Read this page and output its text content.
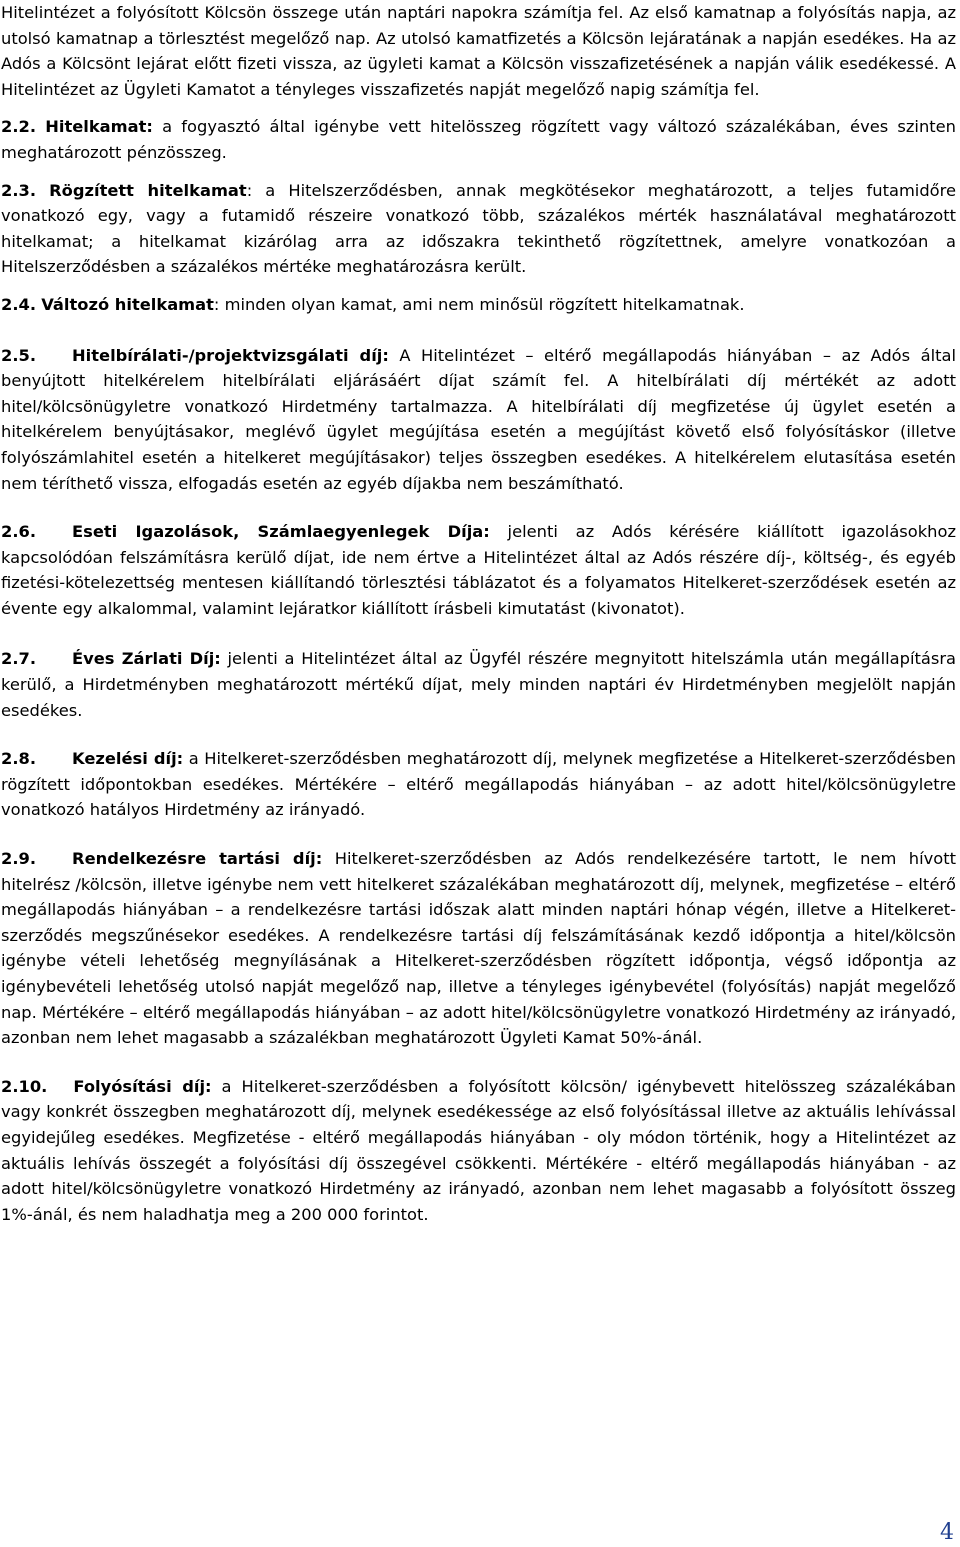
Hitelintézet a folyósított Kölcsön összege után naptári napokra számítja fel. Az első kamatnap a folyósítás napja, az utolsó kamatnap a törlesztést megelőző nap. Az utolsó kamatfizetés a Kölcsön lejáratának a napján esedékes. Ha az Adós a Kölcsönt lejárat előtt fizeti vissza, az ügyleti kamat a Kölcsön visszafizetésének a napján válik esedékessé. A Hitelintézet az Ügyleti Kamatot a tényleges visszafizetés napját megelőző napig számítja fel.

2.2. Hitelkamat: a fogyasztó által igénybe vett hitelösszeg rögzített vagy változó százalékában, éves szinten meghatározott pénzösszeg.

2.3. Rögzített hitelkamat: a Hitelszerződésben, annak megkötésekor meghatározott, a teljes futamidőre vonatkozó egy, vagy a futamidő részeire vonatkozó több, százalékos mérték használatával meghatározott hitelkamat; a hitelkamat kizárólag arra az időszakra tekinthető rögzítettnek, amelyre vonatkozóan a Hitelszerződésben a százalékos mértéke meghatározásra került.

2.4. Változó hitelkamat: minden olyan kamat, ami nem minősül rögzített hitelkamatnak.

2.5. Hitelbírálati-/projektvizsgálati díj: A Hitelintézet – eltérő megállapodás hiányában – az Adós által benyújtott hitelkérelem hitelbírálati eljárásáért díjat számít fel. A hitelbírálati díj mértékét az adott hitel/kölcsönügyletre vonatkozó Hirdetmény tartalmazza. A hitelbírálati díj megfizetése új ügylet esetén a hitelkérelem benyújtásakor, meglévő ügylet megújítása esetén a megújítást követő első folyósításkor (illetve folyószámlahitel esetén a hitelkeret megújításakor) teljes összegben esedékes. A hitelkérelem elutasítása esetén nem téríthető vissza, elfogadás esetén az egyéb díjakba nem beszámítható.

2.6. Eseti Igazolások, Számlaegyenlegek Díja: jelenti az Adós kérésére kiállított igazolásokhoz kapcsolódóan felszámításra kerülő díjat, ide nem értve a Hitelintézet által az Adós részére díj-, költség-, és egyéb fizetési-kötelezettség mentesen kiállítandó törlesztési táblázatot és a folyamatos Hitelkeret-szerződések esetén az évente egy alkalommal, valamint lejáratkor kiállított írásbeli kimutatást (kivonatot).

2.7. Éves Zárlati Díj: jelenti a Hitelintézet által az Ügyfél részére megnyitott hitelszámla után megállapításra kerülő, a Hirdetményben meghatározott mértékű díjat, mely minden naptári év Hirdetményben megjelölt napján esedékes.

2.8. Kezelési díj: a Hitelkeret-szerződésben meghatározott díj, melynek megfizetése a Hitelkeret-szerződésben rögzített időpontokban esedékes. Mértékére – eltérő megállapodás hiányában – az adott hitel/kölcsönügyletre vonatkozó hatályos Hirdetmény az irányadó.

2.9. Rendelkezésre tartási díj: Hitelkeret-szerződésben az Adós rendelkezésére tartott, le nem hívott hitelrész /kölcsön, illetve igénybe nem vett hitelkeret százalékában meghatározott díj, melynek, megfizetése – eltérő megállapodás hiányában – a rendelkezésre tartási időszak alatt minden naptári hónap végén, illetve a Hitelkeret-szerződés megszűnésekor esedékes. A rendelkezésre tartási díj felszámításának kezdő időpontja a hitel/kölcsön igénybe vételi lehetőség megnyílásának a Hitelkeret-szerződésben rögzített időpontja, végső időpontja az igénybevételi lehetőség utolsó napját megelőző nap, illetve a tényleges igénybevétel (folyósítás) napját megelőző nap. Mértékére – eltérő megállapodás hiányában – az adott hitel/kölcsönügyletre vonatkozó Hirdetmény az irányadó, azonban nem lehet magasabb a százalékban meghatározott Ügyleti Kamat 50%-ánál.

2.10. Folyósítási díj: a Hitelkeret-szerződésben a folyósított kölcsön/ igénybevett hitelösszeg százalékában vagy konkrét összegben meghatározott díj, melynek esedékessége az első folyósítással illetve az aktuális lehívással egyidejűleg esedékes. Megfizetése - eltérő megállapodás hiányában - oly módon történik, hogy a Hitelintézet az aktuális lehívás összegét a folyósítási díj összegével csökkenti. Mértékére - eltérő megállapodás hiányában - az adott hitel/kölcsönügyletre vonatkozó Hirdetmény az irányadó, azonban nem lehet magasabb a folyósított összeg 1%-ánál, és nem haladhatja meg a 200 000 forintot.

4
